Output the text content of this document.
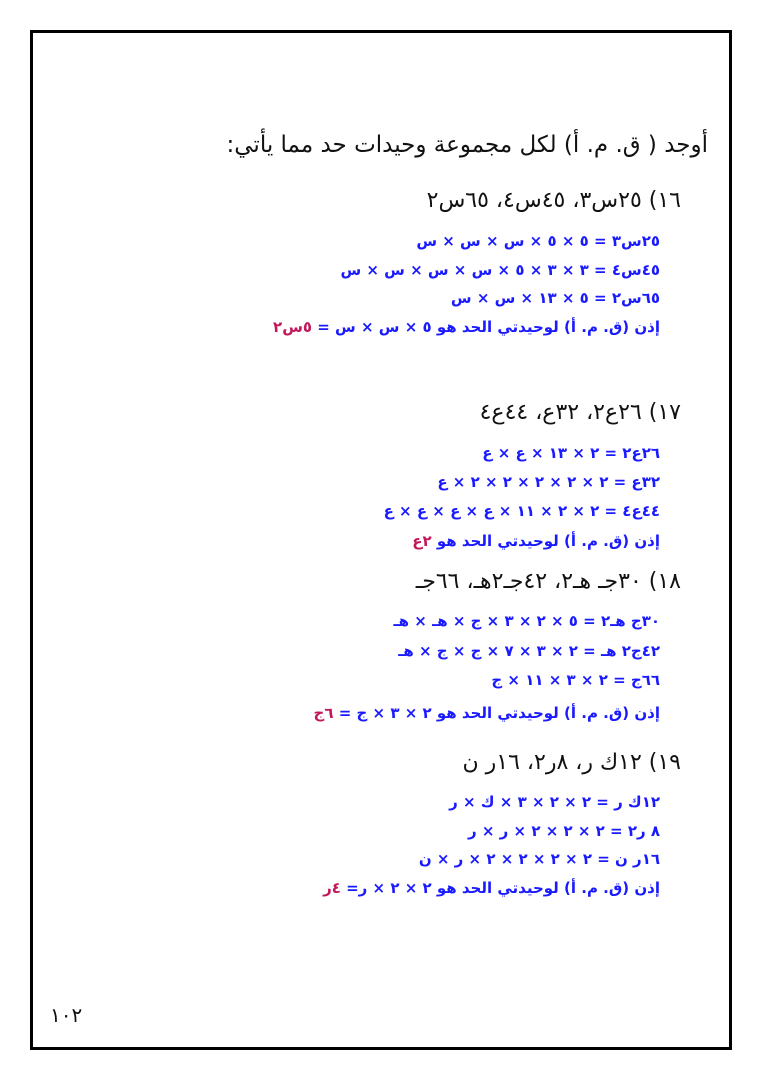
أوجد ( ق. م. أ) لكل مجموعة وحيدات حد مما يأتي:
١٦) ٢٥س٣، ٤٥س٤، ٦٥س٢
٢٥س٣ = ٥ × ٥ × س × س × س
٤٥س٤ = ٣ × ٣ × ٥ × س × س × س × س
٦٥س٢ = ٥ × ١٣ × س × س
إذن (ق. م. أ) لوحيدتي الحد هو ٥ × س × س = ٥س٢
١٧) ٢٦ع٢، ٣٢ع، ٤٤ع٤
٢٦ع٢ = ٢ × ١٣ × ع × ع
٣٢ع = ٢ × ٢ × ٢ × ٢ × ٢ × ع
٤٤ع٤ = ٢ × ٢ × ١١ × ع × ع × ع × ع
إذن (ق. م. أ) لوحيدتي الحد هو ٢ع
١٨) ٣٠جـ هـ٢، ٤٢جـ٢هـ، ٦٦جـ
٣٠ج هـ٢ = ٥ × ٢ × ٣ × ج × هـ × هـ
٤٢ج٢ هـ = ٢ × ٣ × ٧ × ج × ج × هـ
٦٦ج = ٢ × ٣ × ١١ × ج
إذن (ق. م. أ) لوحيدتي الحد هو ٢ × ٣ × ج = ٦ج
١٩) ١٢ك ر، ٨ر٢، ١٦ر ن
١٢ك ر = ٢ × ٢ × ٣ × ك × ر
٨ ر٢ = ٢ × ٢ × ٢ × ر × ر
١٦ر ن = ٢ × ٢ × ٢ × ٢ × ر × ن
إذن (ق. م. أ) لوحيدتي الحد هو ٢ × ٢ × ر= ٤ر
١٠٢
